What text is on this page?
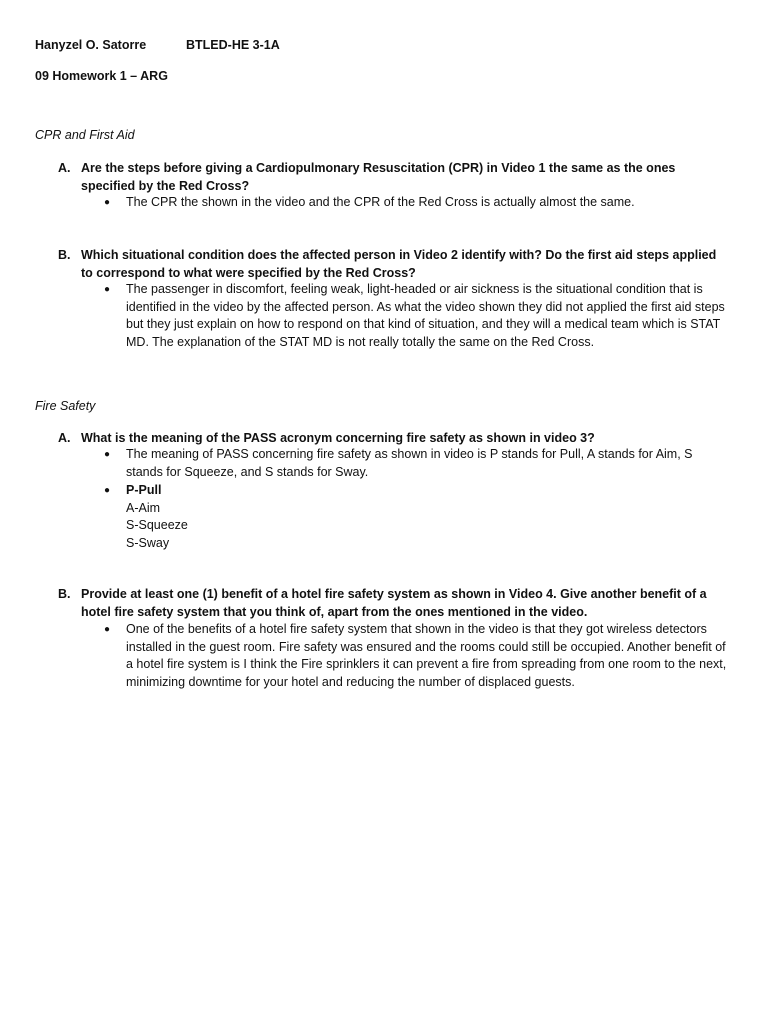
Hanyzel O. Satorre	BTLED-HE 3-1A
09 Homework 1 – ARG
CPR and First Aid
A. Are the steps before giving a Cardiopulmonary Resuscitation (CPR) in Video 1 the same as the ones specified by the Red Cross?
● The CPR the shown in the video and the CPR of the Red Cross is actually almost the same.
B. Which situational condition does the affected person in Video 2 identify with? Do the first aid steps applied to correspond to what were specified by the Red Cross?
● The passenger in discomfort, feeling weak, light-headed or air sickness is the situational condition that is identified in the video by the affected person. As what the video shown they did not applied the first aid steps but they just explain on how to respond on that kind of situation, and they will a medical team which is STAT MD. The explanation of the STAT MD is not really totally the same on the Red Cross.
Fire Safety
A. What is the meaning of the PASS acronym concerning fire safety as shown in video 3?
● The meaning of PASS concerning fire safety as shown in video is P stands for Pull, A stands for Aim, S stands for Squeeze, and S stands for Sway.
● P-Pull
A-Aim
S-Squeeze
S-Sway
B. Provide at least one (1) benefit of a hotel fire safety system as shown in Video 4. Give another benefit of a hotel fire safety system that you think of, apart from the ones mentioned in the video.
● One of the benefits of a hotel fire safety system that shown in the video is that they got wireless detectors installed in the guest room. Fire safety was ensured and the rooms could still be occupied. Another benefit of a hotel fire system is I think the Fire sprinklers it can prevent a fire from spreading from one room to the next, minimizing downtime for your hotel and reducing the number of displaced guests.
